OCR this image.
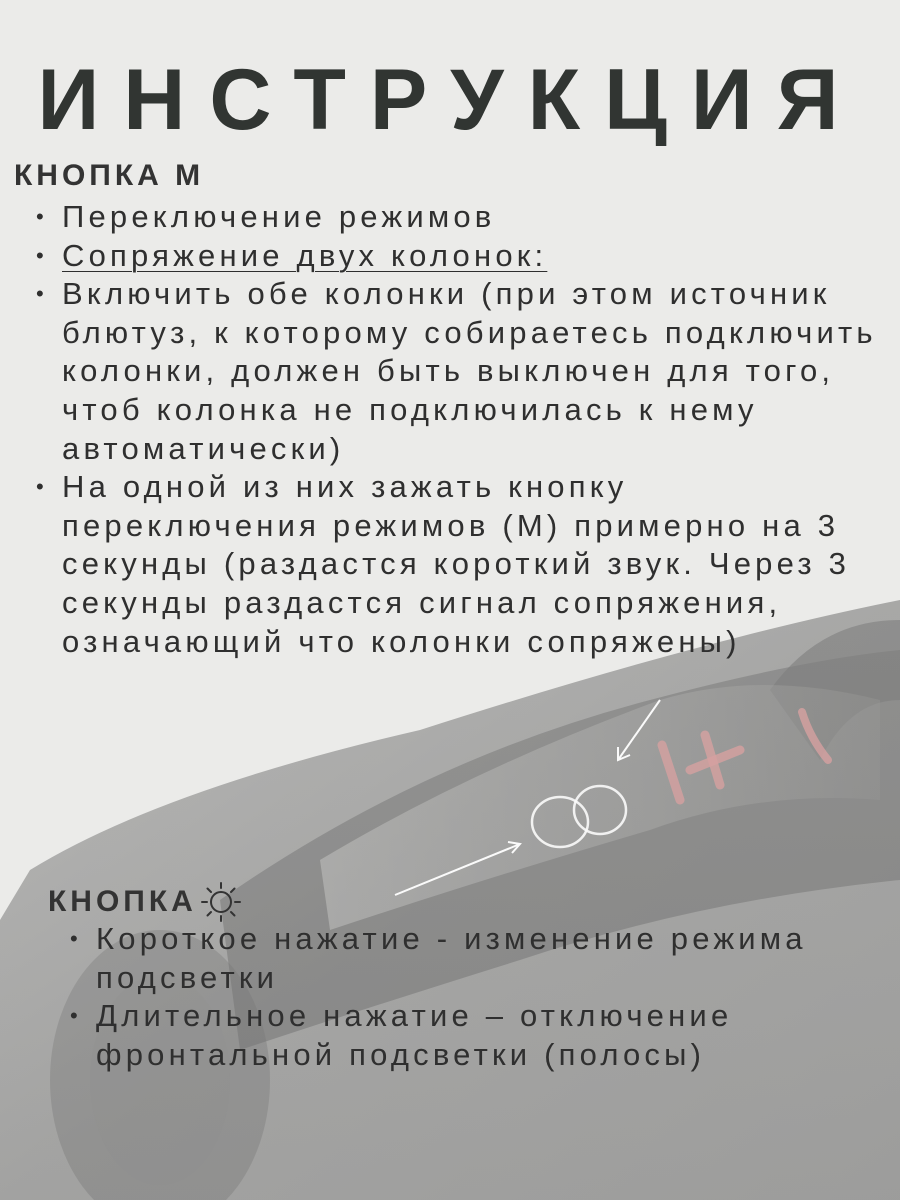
ИНСТРУКЦИЯ
КНОПКА М
• Переключение режимов
• Сопряжение двух колонок:
• Включить обе колонки (при этом источник блютуз, к которому собираетесь подключить колонки, должен быть выключен для того, чтоб колонка не подключилась к нему автоматически)
• На одной из них зажать кнопку переключения режимов (М) примерно на 3 секунды (раздастся короткий звук. Через 3 секунды раздастся сигнал сопряжения, означающий что колонки сопряжены)
КНОПКА
• Короткое нажатие - изменение режима подсветки
• Длительное нажатие – отключение фронтальной подсветки (полосы)
